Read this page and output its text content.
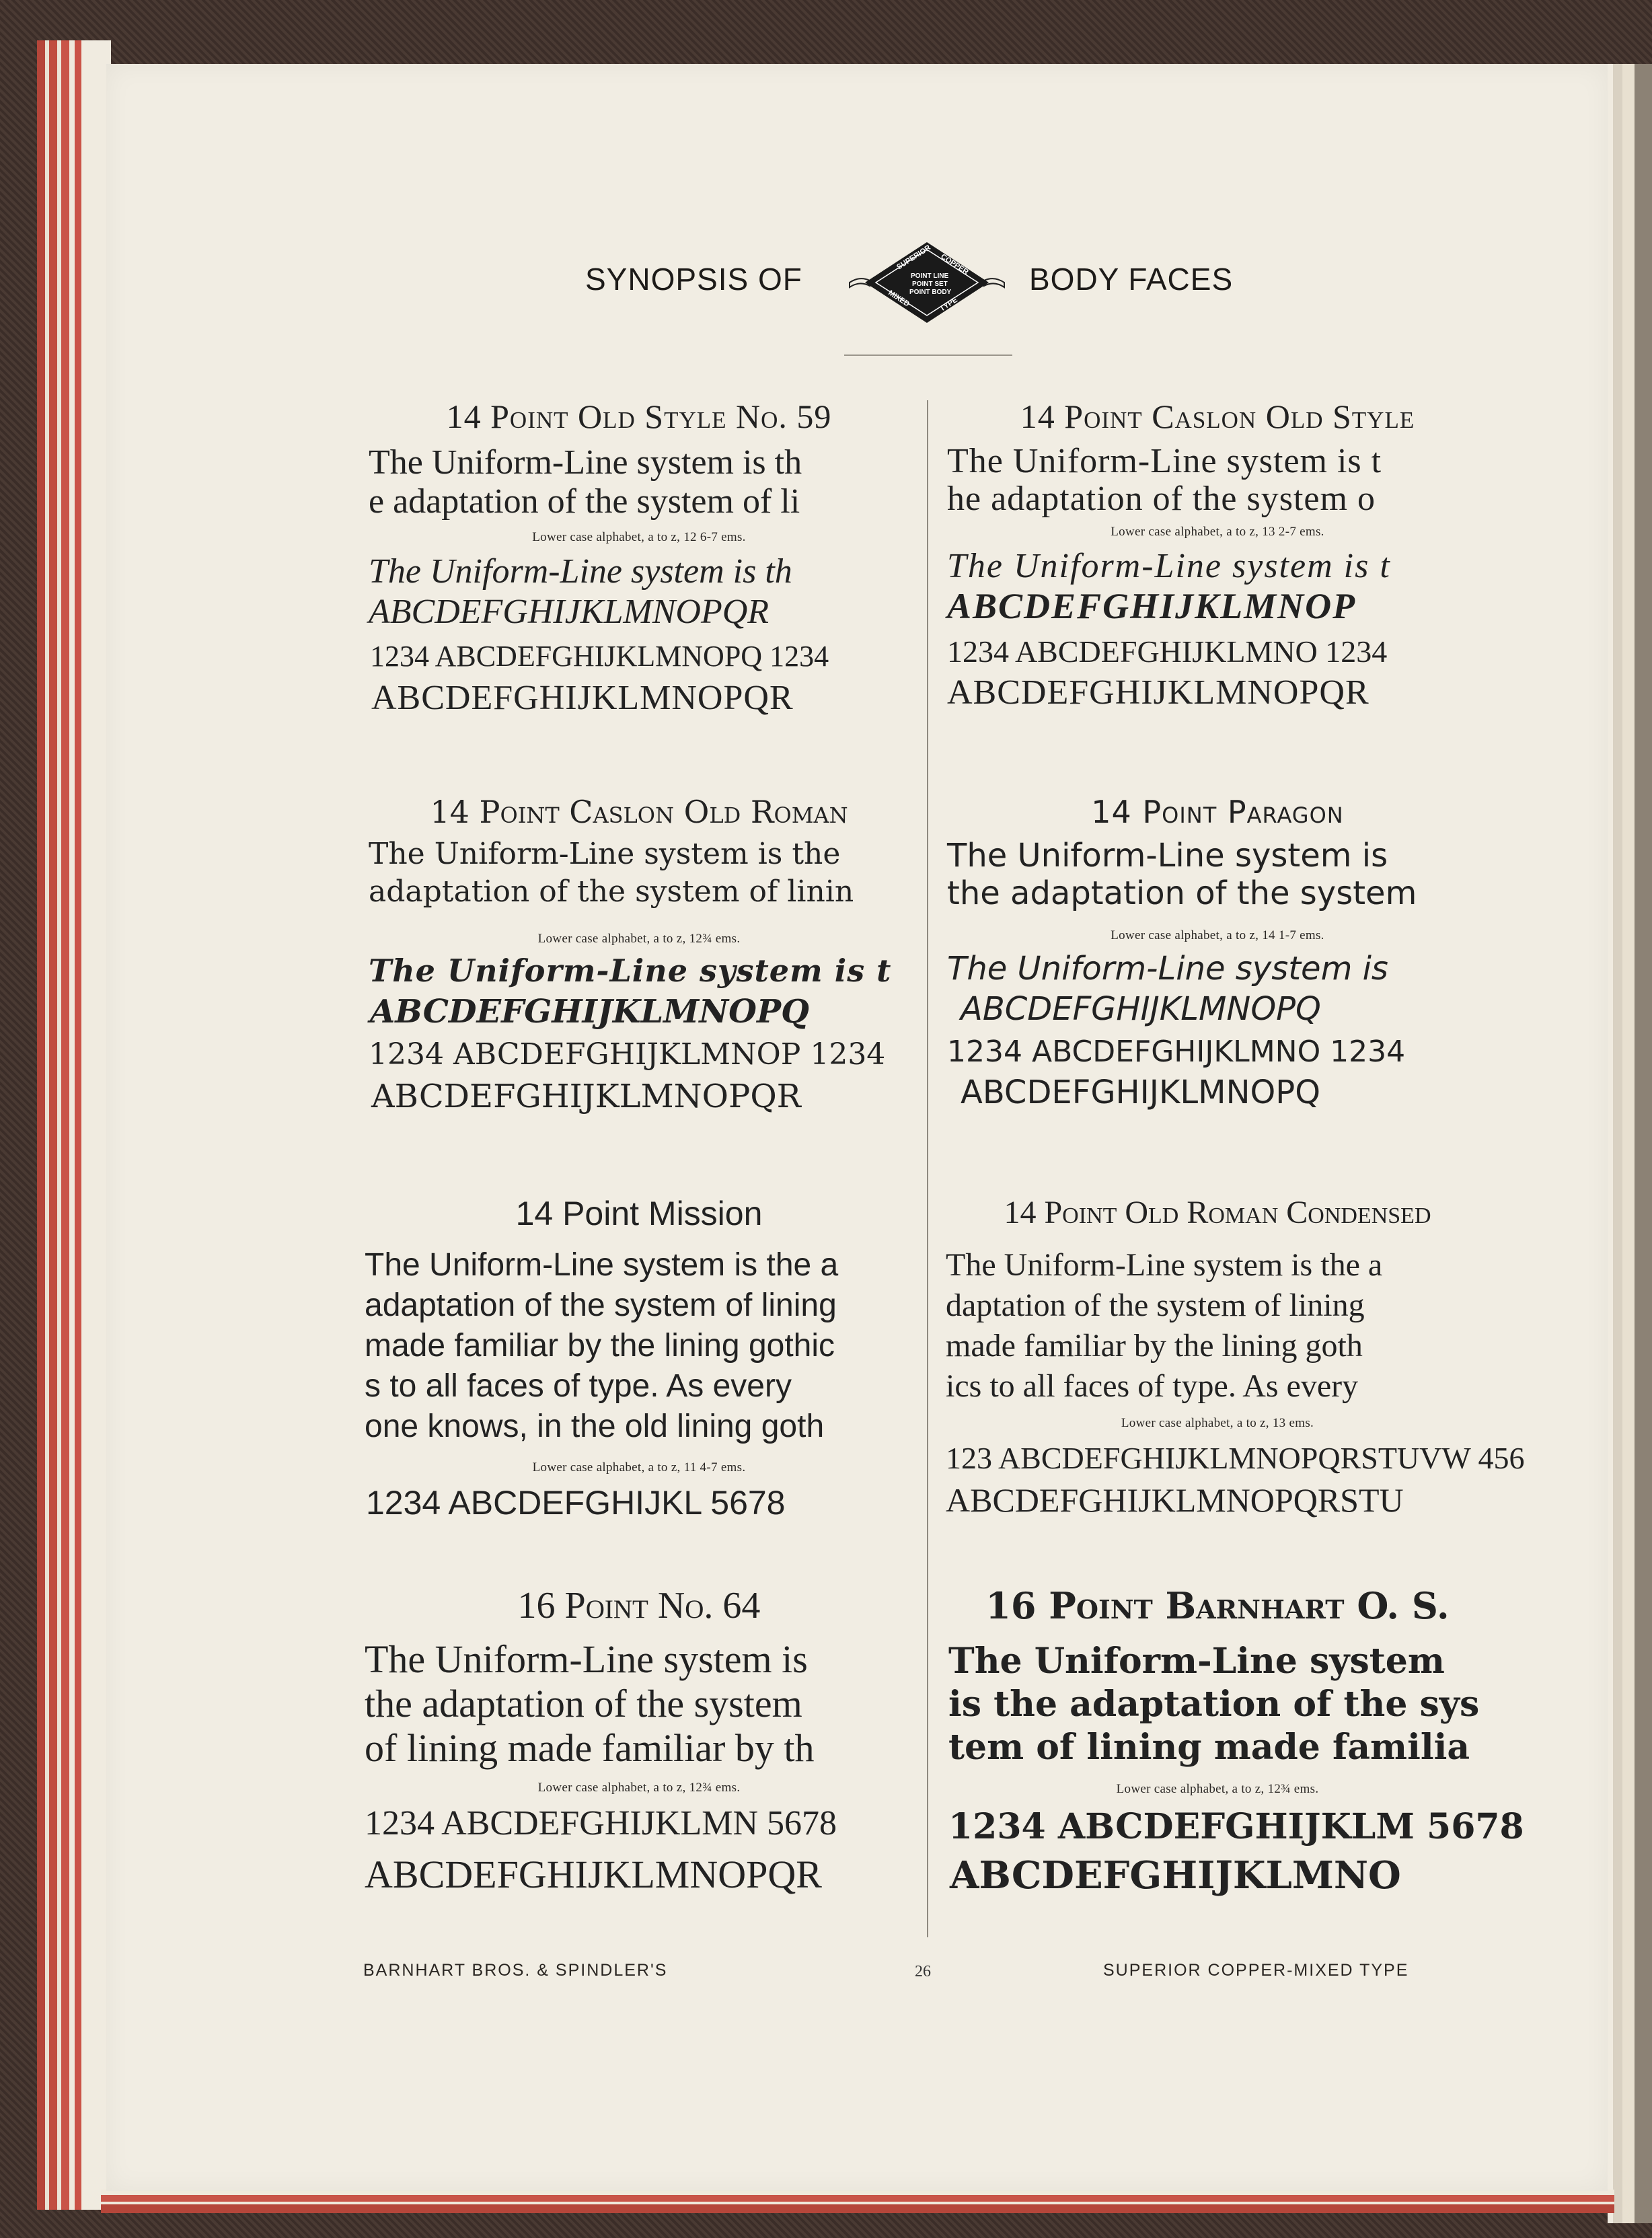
SYNOPSIS OF	BODY FACES
SUPERIOR COPPER
POINT LINE
POINT SET
POINT BODY
MIXED	TYPE
14 Point Old Style No. 59
The Uniform-Line system is th
e adaptation of the system of li
Lower case alphabet, a to z, 12 6-7 ems.
The Uniform-Line system is th
ABCDEFGHIJKLMNOPQR
1234 ABCDEFGHIJKLMNOPQ 1234
ABCDEFGHIJKLMNOPQR
14 Point Caslon Old Style
The Uniform-Line system is t
he adaptation of the system o
Lower case alphabet, a to z, 13 2-7 ems.
The Uniform-Line system is t
ABCDEFGHIJKLMNOP
1234 ABCDEFGHIJKLMNO 1234
ABCDEFGHIJKLMNOPQR
14 Point Caslon Old Roman
The Uniform-Line system is the
adaptation of the system of linin
Lower case alphabet, a to z, 12¾ ems.
The Uniform-Line system is t
ABCDEFGHIJKLMNOPQ
1234 ABCDEFGHIJKLMNOP 1234
ABCDEFGHIJKLMNOPQR
14 Point Paragon
The Uniform-Line system is
the adaptation of the system
Lower case alphabet, a to z, 14 1-7 ems.
The Uniform-Line system is
ABCDEFGHIJKLMNOPQ
1234 ABCDEFGHIJKLMNO 1234
ABCDEFGHIJKLMNOPQ
14 Point Mission
The Uniform-Line system is the a
adaptation of the system of lining
made familiar by the lining gothic
s to all faces of type. As every
one knows, in the old lining goth
Lower case alphabet, a to z, 11 4-7 ems.
1234 ABCDEFGHIJKL 5678
14 Point Old Roman Condensed
The Uniform-Line system is the a
daptation of the system of lining
made familiar by the lining goth
ics to all faces of type. As every
Lower case alphabet, a to z, 13 ems.
123 ABCDEFGHIJKLMNOPQRSTUVW 456
ABCDEFGHIJKLMNOPQRSTU
16 Point No. 64
The Uniform-Line system is
the adaptation of the system
of lining made familiar by th
Lower case alphabet, a to z, 12¾ ems.
1234 ABCDEFGHIJKLMN 5678
ABCDEFGHIJKLMNOPQR
16 Point Barnhart O. S.
The Uniform-Line system
is the adaptation of the sys
tem of lining made familia
Lower case alphabet, a to z, 12¾ ems.
1234 ABCDEFGHIJKLM 5678
ABCDEFGHIJKLMNO
BARNHART BROS. & SPINDLER'S	26	SUPERIOR COPPER-MIXED TYPE
